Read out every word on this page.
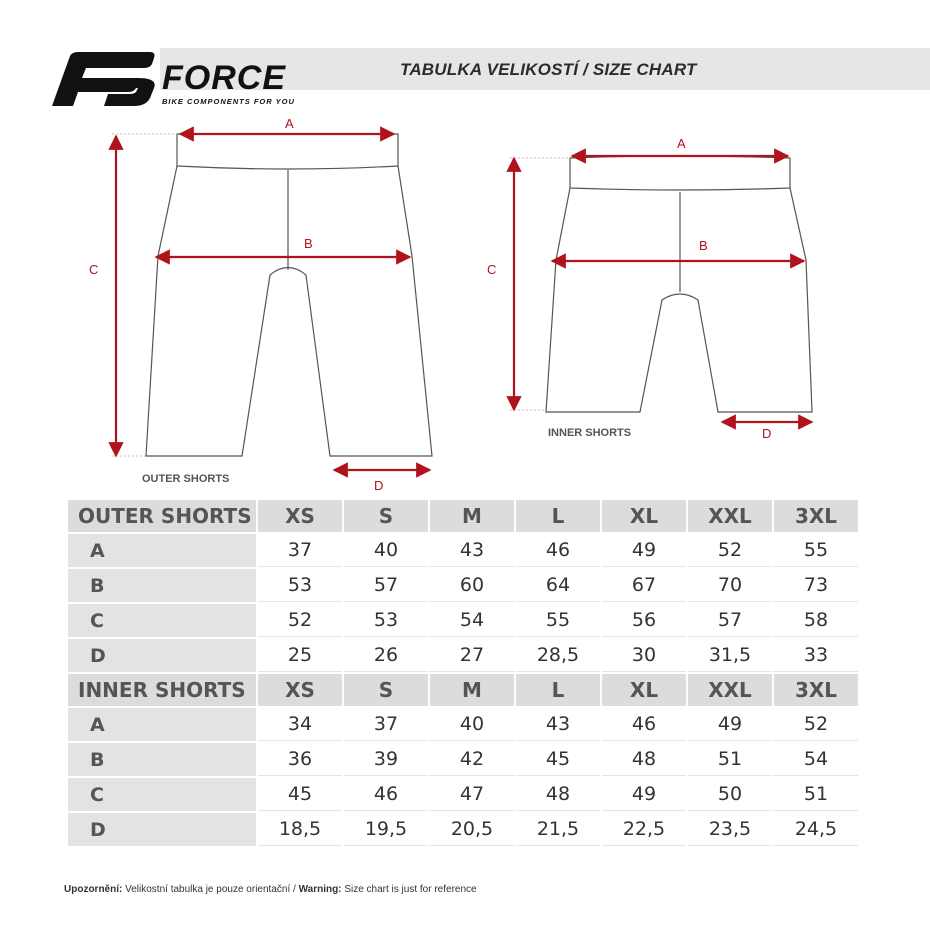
FORCE
BIKE COMPONENTS FOR YOU
TABULKA VELIKOSTÍ / SIZE CHART
A
B
C
D
OUTER SHORTS
A
B
C
D
INNER SHORTS
OUTER SHORTS	XS	S	M	L	XL	XXL	3XL
A	37	40	43	46	49	52	55
B	53	57	60	64	67	70	73
C	52	53	54	55	56	57	58
D	25	26	27	28,5	30	31,5	33
INNER SHORTS	XS	S	M	L	XL	XXL	3XL
A	34	37	40	43	46	49	52
B	36	39	42	45	48	51	54
C	45	46	47	48	49	50	51
D	18,5	19,5	20,5	21,5	22,5	23,5	24,5
Upozornění: Velikostní tabulka je pouze orientační / Warning: Size chart is just for reference
